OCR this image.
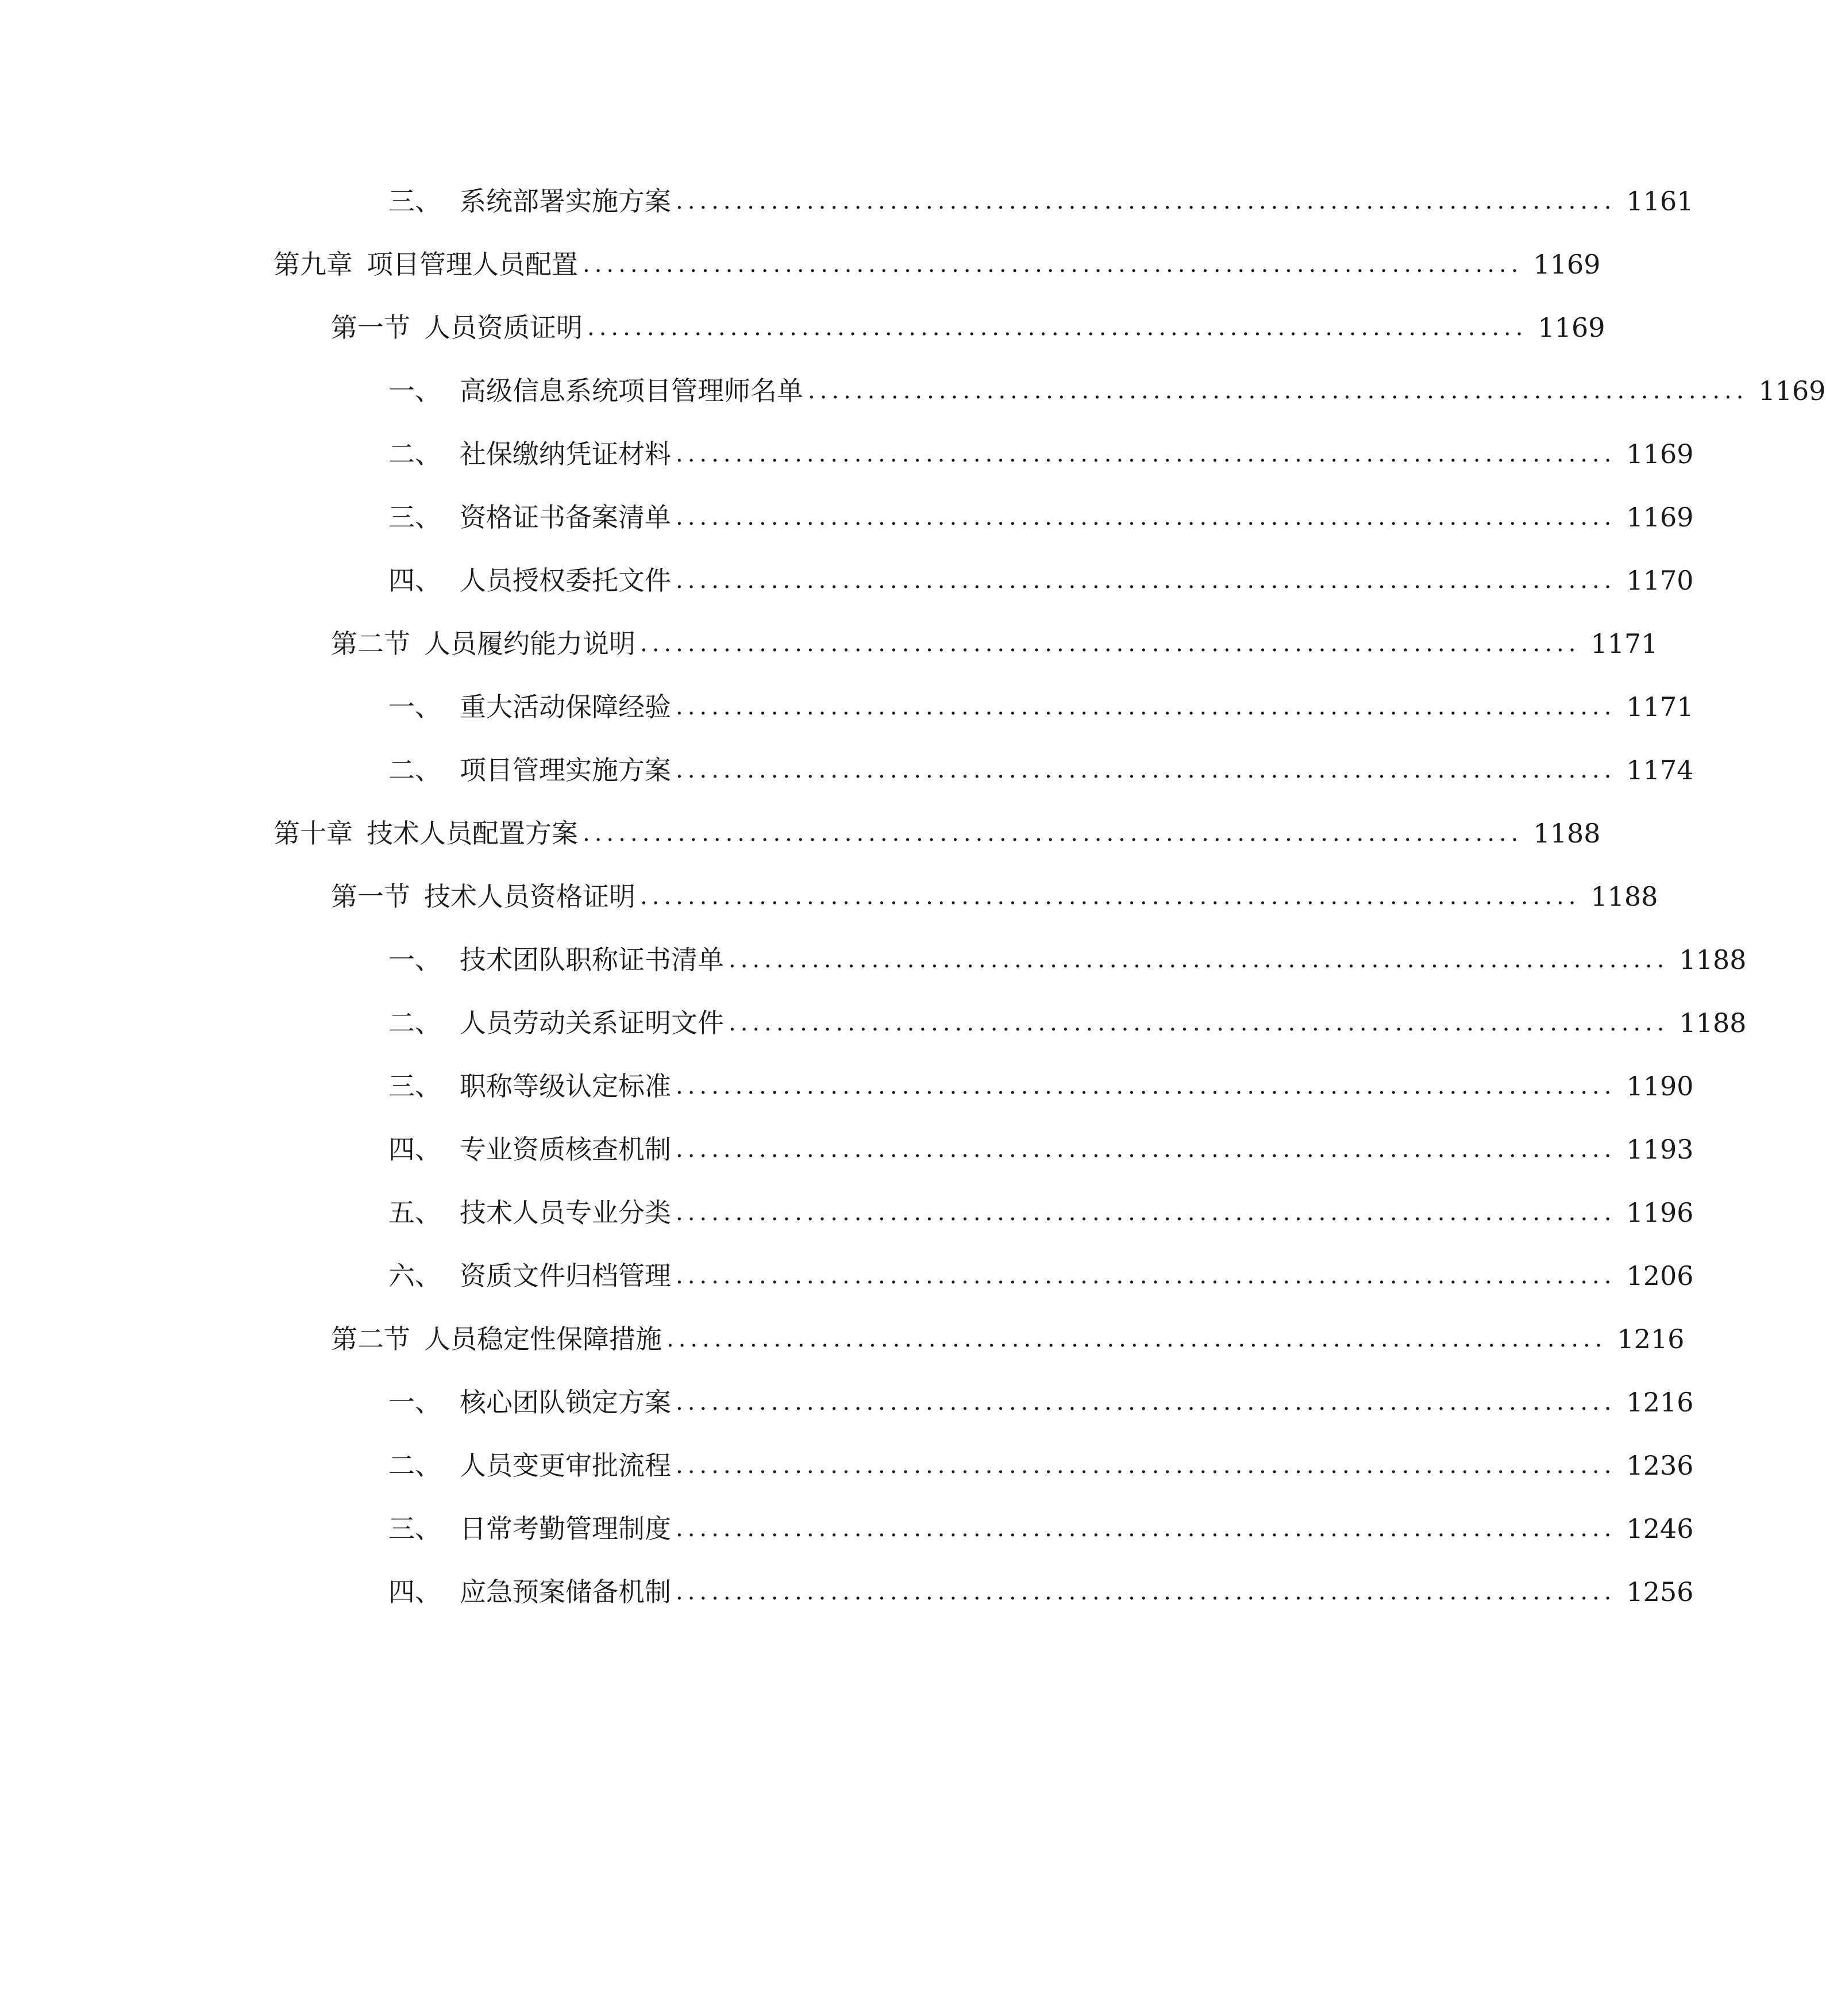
三、 系统部署实施方案 ............................................................................... 1161
第九章 项目管理人员配置 ............................................................................... 1169
第一节 人员资质证明 ............................................................................... 1169
一、 高级信息系统项目管理师名单 ............................................................................... 1169
二、 社保缴纳凭证材料 ............................................................................... 1169
三、 资格证书备案清单 ............................................................................... 1169
四、 人员授权委托文件 ............................................................................... 1170
第二节 人员履约能力说明 ............................................................................... 1171
一、 重大活动保障经验 ............................................................................... 1171
二、 项目管理实施方案 ............................................................................... 1174
第十章 技术人员配置方案 ............................................................................... 1188
第一节 技术人员资格证明 ............................................................................... 1188
一、 技术团队职称证书清单 ............................................................................... 1188
二、 人员劳动关系证明文件 ............................................................................... 1188
三、 职称等级认定标准 ............................................................................... 1190
四、 专业资质核查机制 ............................................................................... 1193
五、 技术人员专业分类 ............................................................................... 1196
六、 资质文件归档管理 ............................................................................... 1206
第二节 人员稳定性保障措施 ............................................................................... 1216
一、 核心团队锁定方案 ............................................................................... 1216
二、 人员变更审批流程 ............................................................................... 1236
三、 日常考勤管理制度 ............................................................................... 1246
四、 应急预案储备机制 ............................................................................... 1256
